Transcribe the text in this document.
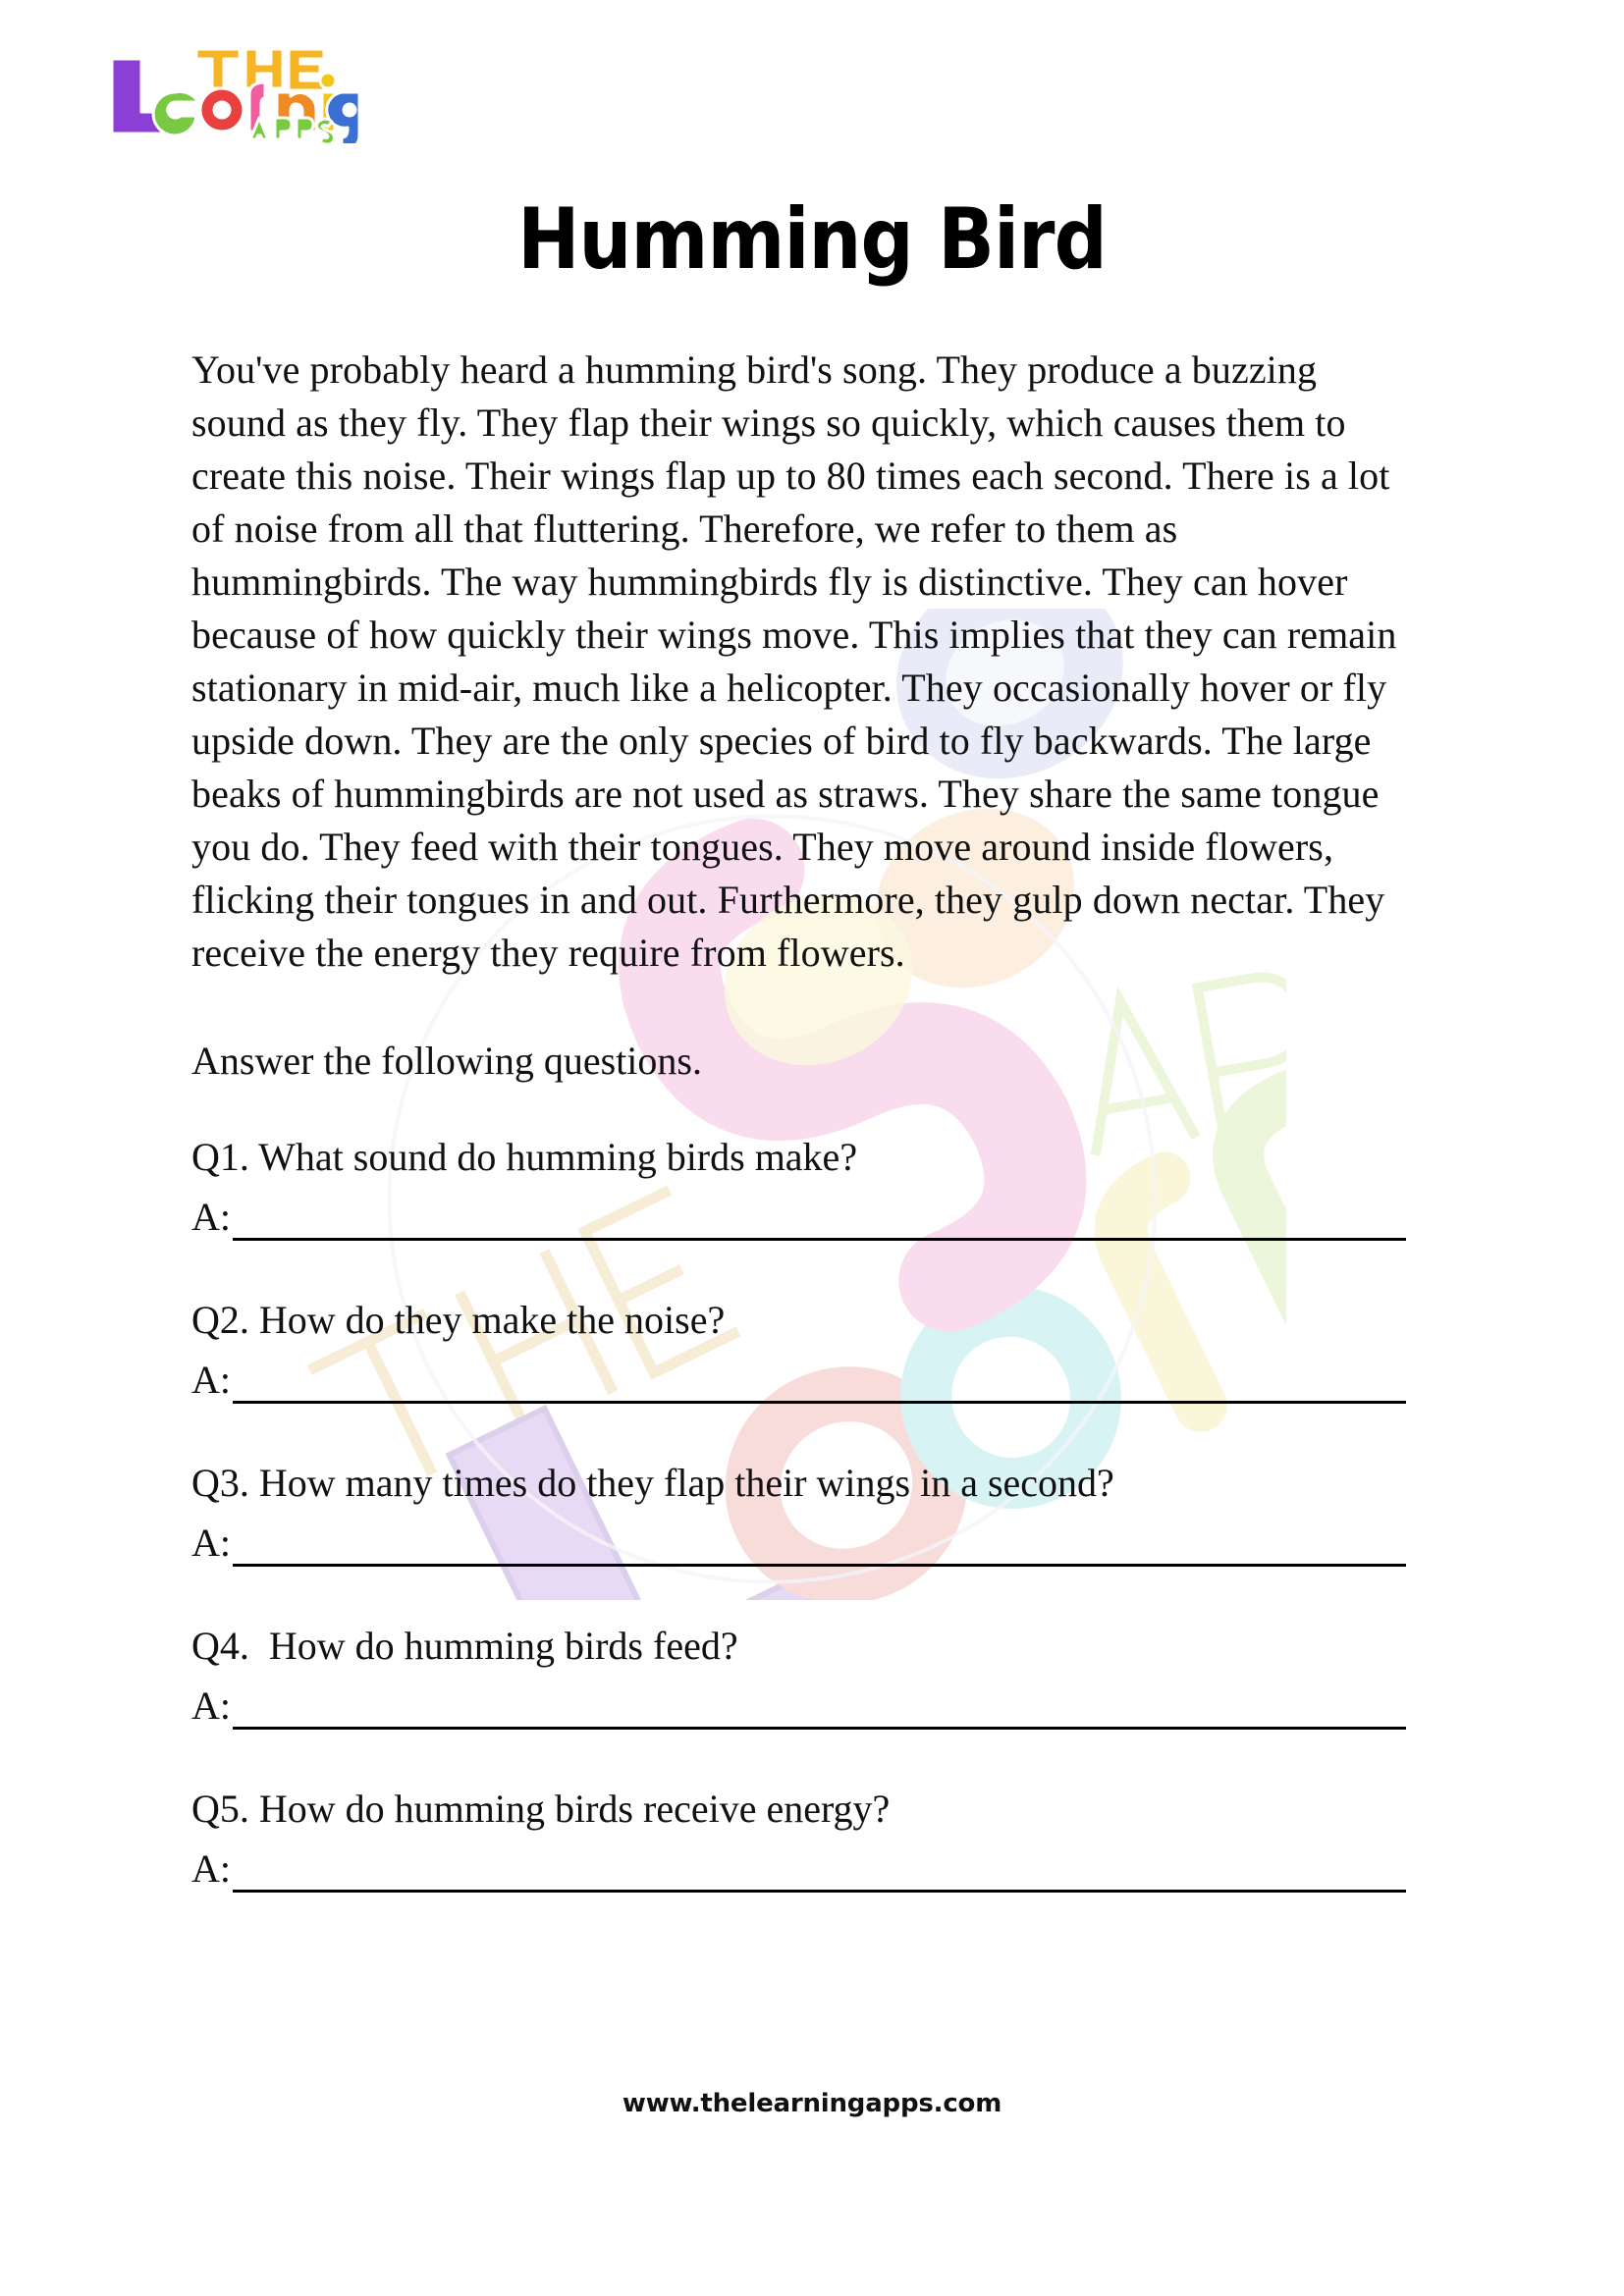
Humming Bird

You've probably heard a humming bird's song. They produce a buzzing sound as they fly. They flap their wings so quickly, which causes them to create this noise. Their wings flap up to 80 times each second. There is a lot of noise from all that fluttering. Therefore, we refer to them as hummingbirds. The way hummingbirds fly is distinctive. They can hover because of how quickly their wings move. This implies that they can remain stationary in mid-air, much like a helicopter. They occasionally hover or fly upside down. They are the only species of bird to fly backwards. The large beaks of hummingbirds are not used as straws. They share the same tongue you do. They feed with their tongues. They move around inside flowers, flicking their tongues in and out. Furthermore, they gulp down nectar. They receive the energy they require from flowers.

Answer the following questions.

Q1. What sound do humming birds make?
A:
Q2. How do they make the noise?
A:
Q3. How many times do they flap their wings in a second?
A:
Q4.  How do humming birds feed?
A:
Q5. How do humming birds receive energy?
A:
www.thelearningapps.com
